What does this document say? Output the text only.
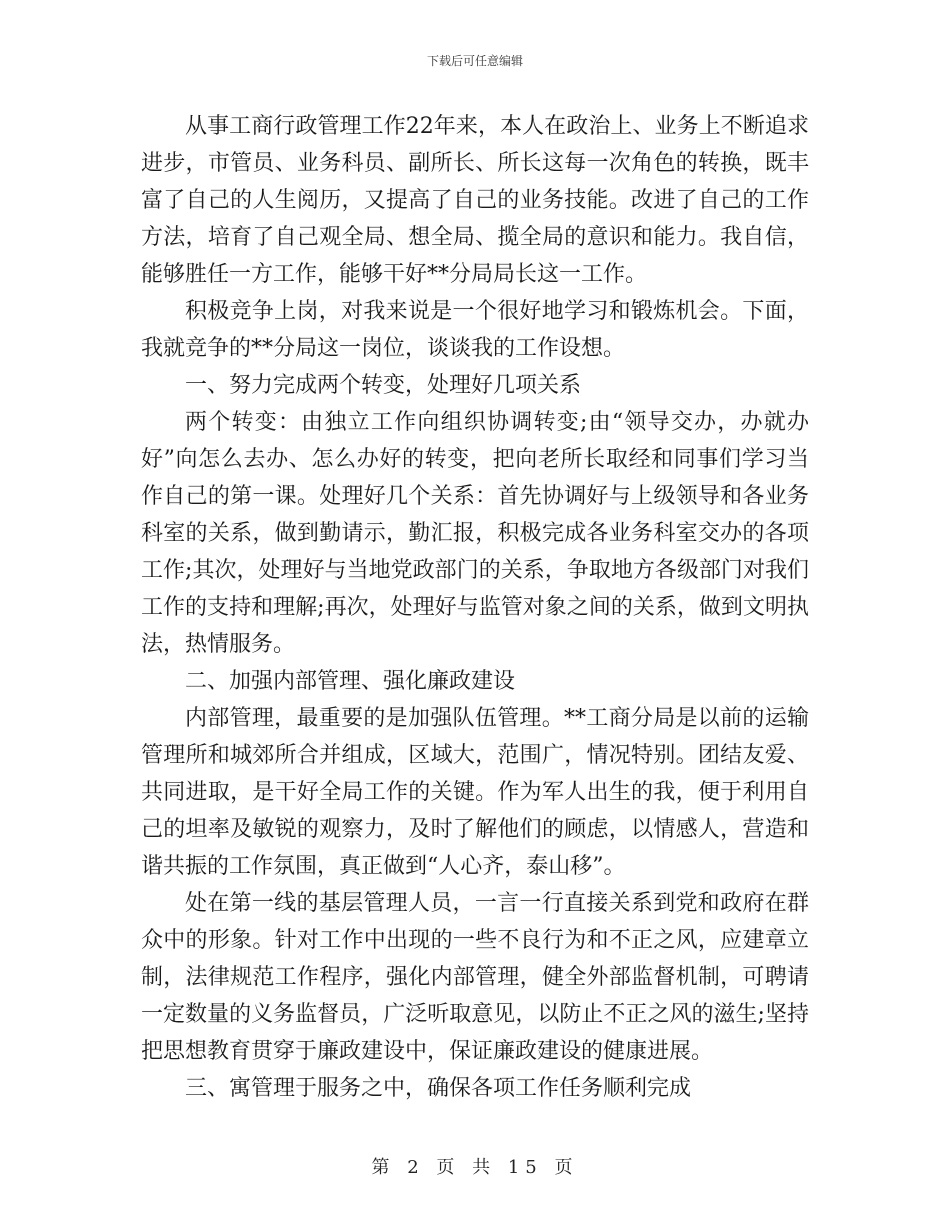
下载后可任意编辑

从事工商行政管理工作22年来，本人在政治上、业务上不断追求进步，市管员、业务科员、副所长、所长这每一次角色的转换，既丰富了自己的人生阅历，又提高了自己的业务技能。改进了自己的工作方法，培育了自己观全局、想全局、揽全局的意识和能力。我自信，能够胜任一方工作，能够干好**分局局长这一工作。

积极竞争上岗，对我来说是一个很好地学习和锻炼机会。下面，我就竞争的**分局这一岗位，谈谈我的工作设想。

一、努力完成两个转变，处理好几项关系

两个转变：由独立工作向组织协调转变;由“领导交办，办就办好”向怎么去办、怎么办好的转变，把向老所长取经和同事们学习当作自己的第一课。处理好几个关系：首先协调好与上级领导和各业务科室的关系，做到勤请示，勤汇报，积极完成各业务科室交办的各项工作;其次，处理好与当地党政部门的关系，争取地方各级部门对我们工作的支持和理解;再次，处理好与监管对象之间的关系，做到文明执法，热情服务。

二、加强内部管理、强化廉政建设

内部管理，最重要的是加强队伍管理。**工商分局是以前的运输管理所和城郊所合并组成，区域大，范围广，情况特别。团结友爱、共同进取，是干好全局工作的关键。作为军人出生的我，便于利用自己的坦率及敏锐的观察力，及时了解他们的顾虑，以情感人，营造和谐共振的工作氛围，真正做到“人心齐，泰山移”。

处在第一线的基层管理人员，一言一行直接关系到党和政府在群众中的形象。针对工作中出现的一些不良行为和不正之风，应建章立制，法律规范工作程序，强化内部管理，健全外部监督机制，可聘请一定数量的义务监督员，广泛听取意见，以防止不正之风的滋生;坚持把思想教育贯穿于廉政建设中，保证廉政建设的健康进展。

三、寓管理于服务之中，确保各项工作任务顺利完成

第 2 页 共 15 页
